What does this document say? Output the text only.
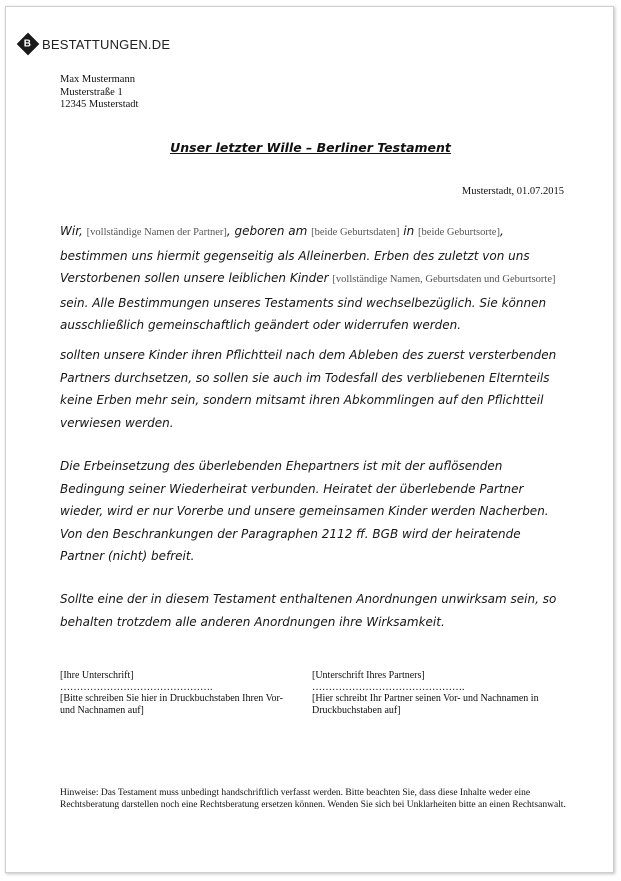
B BESTATTUNGEN.DE
Max Mustermann
Musterstraße 1
12345 Musterstadt
Unser letzter Wille – Berliner Testament
Musterstadt, 01.07.2015
Wir, [vollständige Namen der Partner], geboren am [beide Geburtsdaten] in [beide Geburtsorte], bestimmen uns hiermit gegenseitig als Alleinerben. Erben des zuletzt von uns Verstorbenen sollen unsere leiblichen Kinder [vollständige Namen, Geburtsdaten und Geburtsorte] sein. Alle Bestimmungen unseres Testaments sind wechselbezüglich. Sie können ausschließlich gemeinschaftlich geändert oder widerrufen werden.
sollten unsere Kinder ihren Pflichtteil nach dem Ableben des zuerst versterbenden Partners durchsetzen, so sollen sie auch im Todesfall des verbliebenen Elternteils keine Erben mehr sein, sondern mitsamt ihren Abkommlingen auf den Pflichtteil verwiesen werden.
Die Erbeinsetzung des überlebenden Ehepartners ist mit der auflösenden Bedingung seiner Wiederheirat verbunden. Heiratet der überlebende Partner wieder, wird er nur Vorerbe und unsere gemeinsamen Kinder werden Nacherben. Von den Beschrankungen der Paragraphen 2112 ff. BGB wird der heiratende Partner (nicht) befreit.
Sollte eine der in diesem Testament enthaltenen Anordnungen unwirksam sein, so behalten trotzdem alle anderen Anordnungen ihre Wirksamkeit.
[Ihre Unterschrift]
……………………………………….
[Bitte schreiben Sie hier in Druckbuchstaben Ihren Vor- und Nachnamen auf]
[Unterschrift Ihres Partners]
……………………………………….
[Hier schreibt Ihr Partner seinen Vor- und Nachnamen in Druckbuchstaben auf]
Hinweise: Das Testament muss unbedingt handschriftlich verfasst werden. Bitte beachten Sie, dass diese Inhalte weder eine Rechtsberatung darstellen noch eine Rechtsberatung ersetzen können. Wenden Sie sich bei Unklarheiten bitte an einen Rechtsanwalt.
